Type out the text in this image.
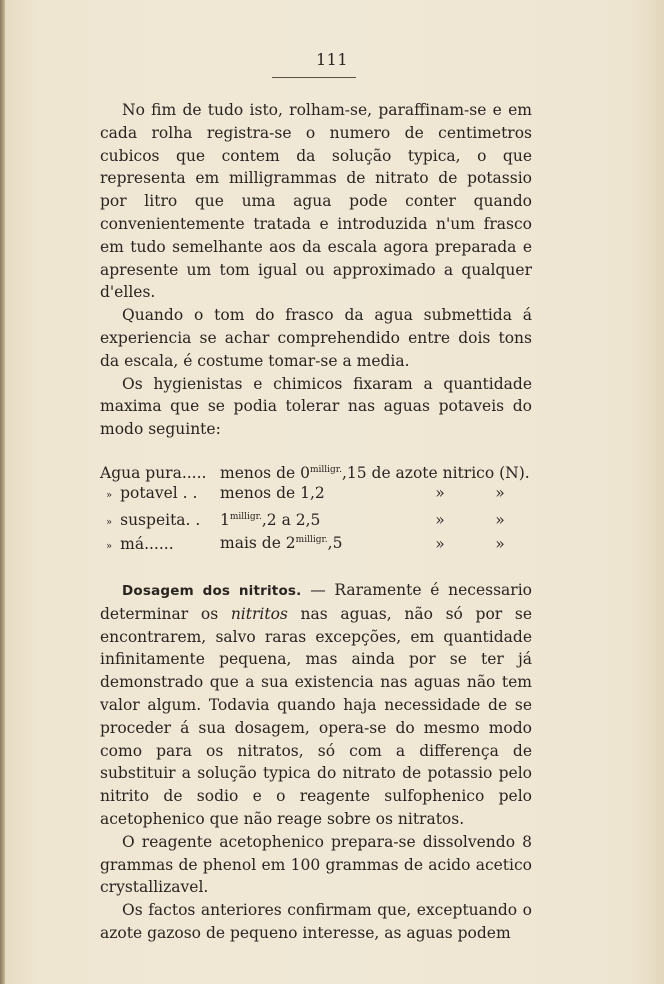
111

No fim de tudo isto, rolham-se, paraffinam-se e em cada rolha registra-se o numero de centimetros cubicos que contem da solução typica, o que representa em milligrammas de nitrato de potassio por litro que uma agua pode conter quando convenientemente tratada e introduzida n'um frasco em tudo semelhante aos da escala agora preparada e apresente um tom igual ou approximado a qualquer d'elles.

Quando o tom do frasco da agua submettida á experiencia se achar comprehendido entre dois tons da escala, é costume tomar-se a media.

Os hygienistas e chimicos fixaram a quantidade maxima que se podia tolerar nas aguas potaveis do modo seguinte:

Agua pura..... menos de $0^{milligr.},15$ de azote nitrico (N).
» potavel . .	menos de 1,2	»	»
» suspeita. .	$1^{milligr.},2$ a 2,5	»	»
» má......	mais de $2^{milligr.},5$	»	»

Dosagem dos nitritos. — Raramente é necessario determinar os nitritos nas aguas, não só por se encontrarem, salvo raras excepções, em quantidade infinitamente pequena, mas ainda por se ter já demonstrado que a sua existencia nas aguas não tem valor algum. Todavia quando haja necessidade de se proceder á sua dosagem, opera-se do mesmo modo como para os nitratos, só com a differença de substituir a solução typica do nitrato de potassio pelo nitrito de sodio e o reagente sulfophenico pelo acetophenico que não reage sobre os nitratos.

O reagente acetophenico prepara-se dissolvendo 8 grammas de phenol em 100 grammas de acido acetico crystallizavel.

Os factos anteriores confirmam que, exceptuando o azote gazoso de pequeno interesse, as aguas podem
